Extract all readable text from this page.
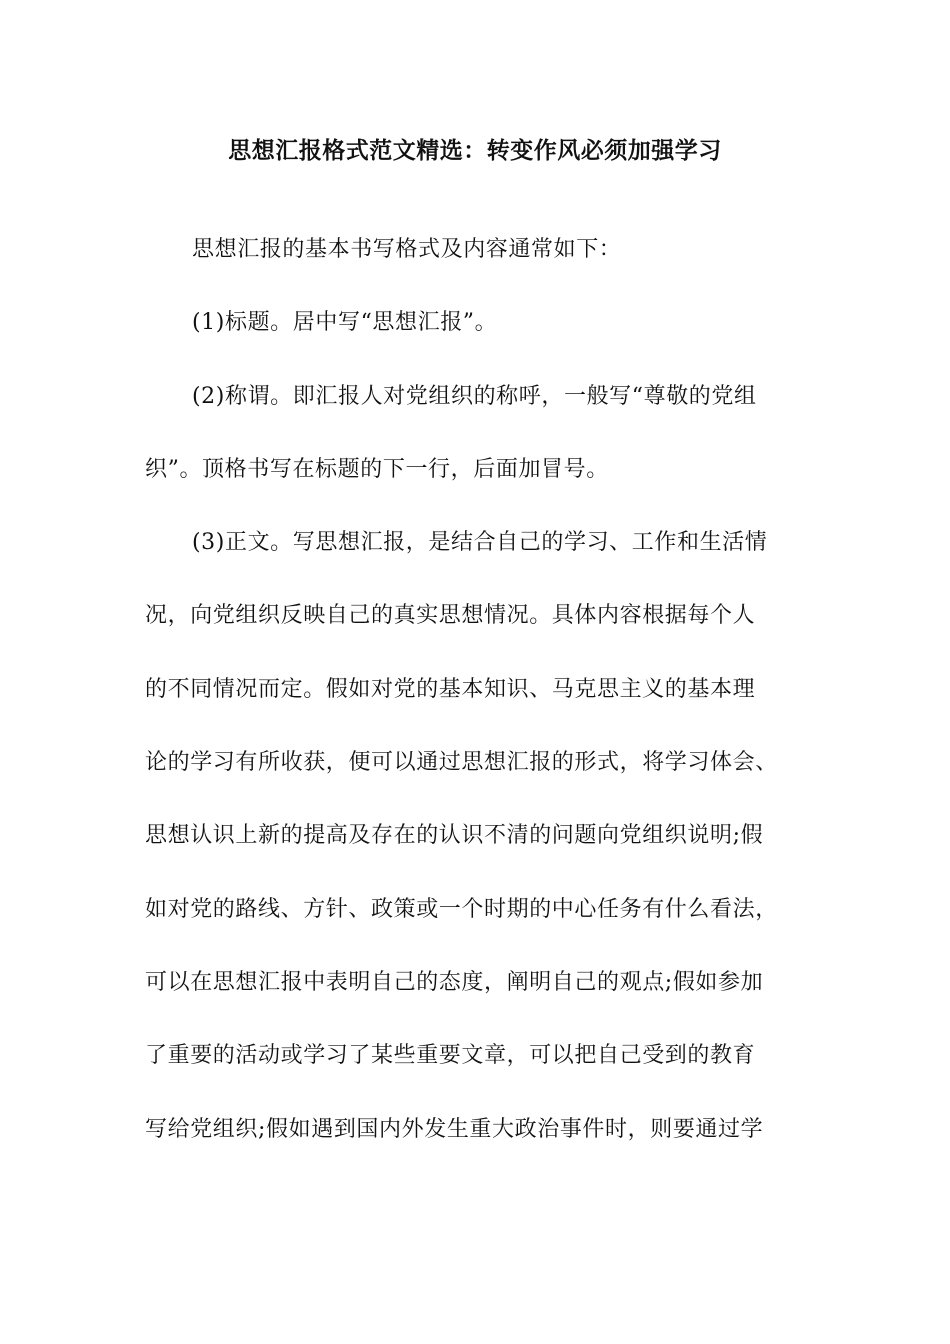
思想汇报格式范文精选：转变作风必须加强学习
思想汇报的基本书写格式及内容通常如下：
(1)标题。居中写“思想汇报”。
(2)称谓。即汇报人对党组织的称呼，一般写“尊敬的党组
织”。顶格书写在标题的下一行，后面加冒号。
(3)正文。写思想汇报，是结合自己的学习、工作和生活情
况，向党组织反映自己的真实思想情况。具体内容根据每个人
的不同情况而定。假如对党的基本知识、马克思主义的基本理
论的学习有所收获，便可以通过思想汇报的形式，将学习体会、
思想认识上新的提高及存在的认识不清的问题向党组织说明;假
如对党的路线、方针、政策或一个时期的中心任务有什么看法，
可以在思想汇报中表明自己的态度，阐明自己的观点;假如参加
了重要的活动或学习了某些重要文章，可以把自己受到的教育
写给党组织;假如遇到国内外发生重大政治事件时，则要通过学
